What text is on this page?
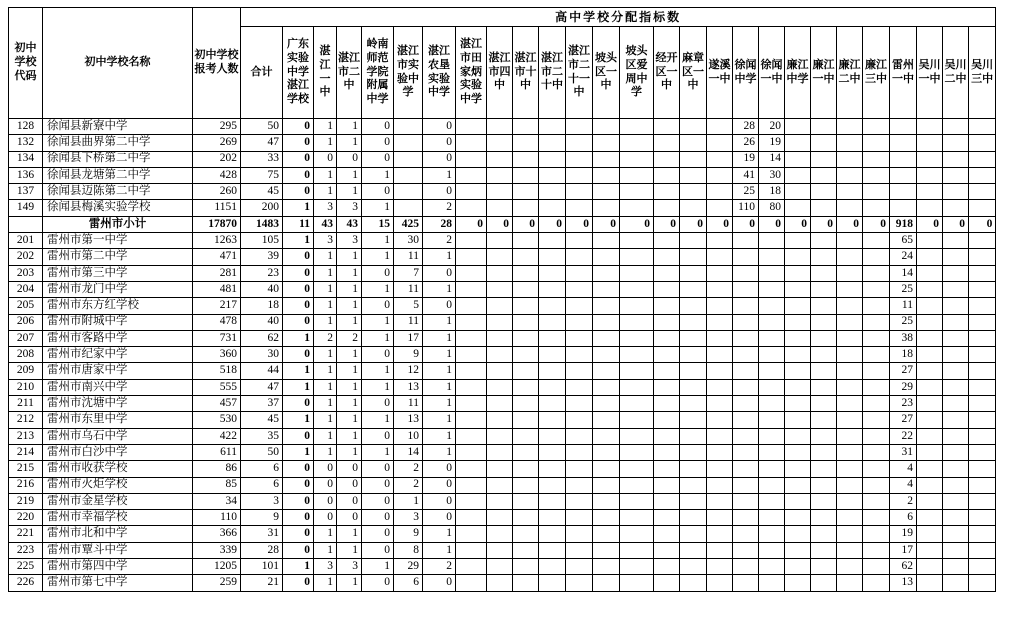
初中学校代码	初中学校名称	初中学校报考人数	高中学校分配指标数																										
			合计	广东实验中学湛江学校	湛江一中	湛江市二中	岭南师范学院附属中学	湛江市实验中学	湛江农垦实验中学	湛江市田家炳实验中学	湛江市四中	湛江市十中	湛江市二十中	湛江市二十一中	坡头区一中	坡头区爱周中学	经开区一中	麻章区一中	遂溪一中	徐闻中学	徐闻一中	廉江中学	廉江一中	廉江二中	廉江三中	雷州一中	吴川一中	吴川二中	吴川三中
128	徐闻县新寮中学	295	50	0	1	1	0		0											28	20								
132	徐闻县曲界第二中学	269	47	0	1	1	0		0											26	19								
134	徐闻县下桥第二中学	202	33	0	0	0	0		0											19	14								
136	徐闻县龙塘第二中学	428	75	0	1	1	1		1											41	30								
137	徐闻县迈陈第二中学	260	45	0	1	1	0		0											25	18								
149	徐闻县梅溪实验学校	1151	200	1	3	3	1		2											110	80								
	雷州市小计	17870	1483	11	43	43	15	425	28	0	0	0	0	0	0	0	0	0	0	0	0	0	0	0	0	918	0	0	0
201	雷州市第一中学	1263	105	1	3	3	1	30	2																	65			
202	雷州市第二中学	471	39	0	1	1	1	11	1																	24			
203	雷州市第三中学	281	23	0	1	1	0	7	0																	14			
204	雷州市龙门中学	481	40	0	1	1	1	11	1																	25			
205	雷州市东方红学校	217	18	0	1	1	0	5	0																	11			
206	雷州市附城中学	478	40	0	1	1	1	11	1																	25			
207	雷州市客路中学	731	62	1	2	2	1	17	1																	38			
208	雷州市纪家中学	360	30	0	1	1	0	9	1																	18			
209	雷州市唐家中学	518	44	1	1	1	1	12	1																	27			
210	雷州市南兴中学	555	47	1	1	1	1	13	1																	29			
211	雷州市沈塘中学	457	37	0	1	1	0	11	1																	23			
212	雷州市东里中学	530	45	1	1	1	1	13	1																	27			
213	雷州市乌石中学	422	35	0	1	1	0	10	1																	22			
214	雷州市白沙中学	611	50	1	1	1	1	14	1																	31			
215	雷州市收获学校	86	6	0	0	0	0	2	0																	4			
216	雷州市火炬学校	85	6	0	0	0	0	2	0																	4			
219	雷州市金星学校	34	3	0	0	0	0	1	0																	2			
220	雷州市幸福学校	110	9	0	0	0	0	3	0																	6			
221	雷州市北和中学	366	31	0	1	1	0	9	1																	19			
223	雷州市覃斗中学	339	28	0	1	1	0	8	1																	17			
225	雷州市第四中学	1205	101	1	3	3	1	29	2																	62			
226	雷州市第七中学	259	21	0	1	1	0	6	0																	13			
